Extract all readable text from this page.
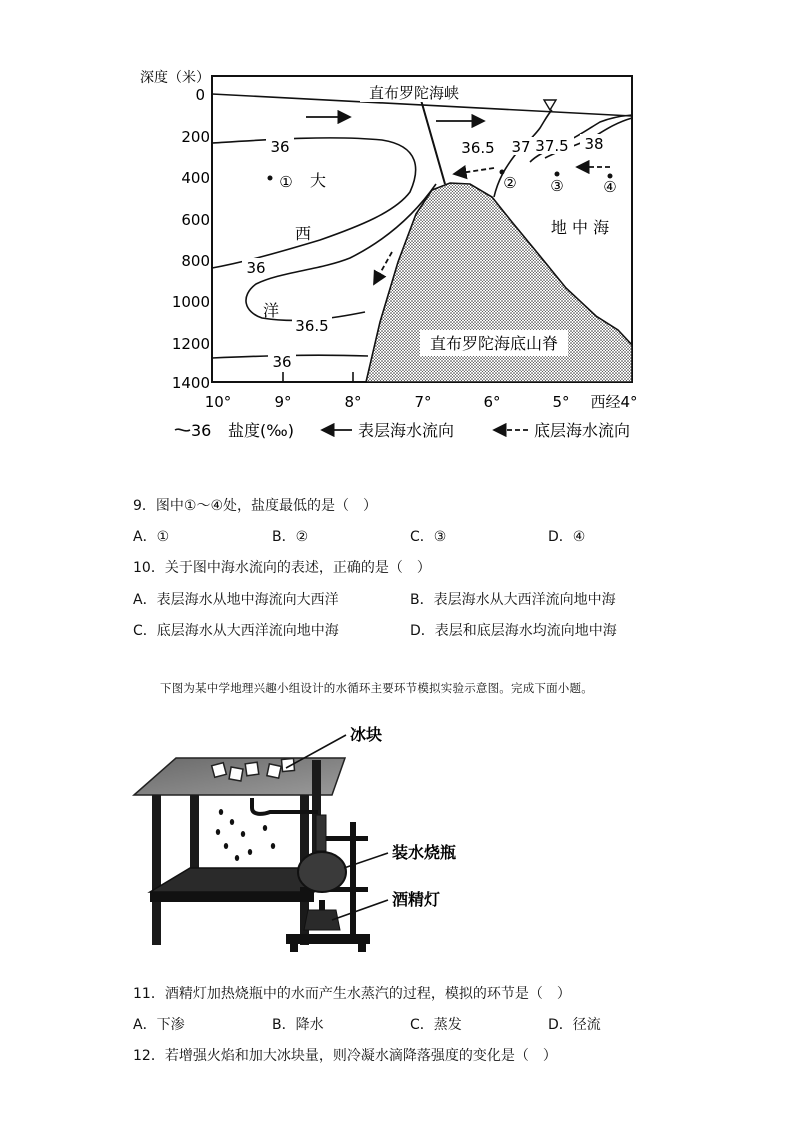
深度（米）
0
200
400
600
800
1000
1200
1400
10°	9°	8°	7°	6°	5° 西经4°
直布罗陀海底山脊
直布罗陀海峡
36
36
36.5
36
36.5 37 37.5 38
大
西
洋
地 中 海
①	② ③	④
36 盐度(‰)	表层海水流向	底层海水流向
9．图中①～④处，盐度最低的是（　）
A．①	B．②	C．③	D．④
10．关于图中海水流向的表述，正确的是（　）
A．表层海水从地中海流向大西洋	B．表层海水从大西洋流向地中海
C．底层海水从大西洋流向地中海	D．表层和底层海水均流向地中海
下图为某中学地理兴趣小组设计的水循环主要环节模拟实验示意图。完成下面小题。
冰块
装水烧瓶
酒精灯
11．酒精灯加热烧瓶中的水而产生水蒸汽的过程，模拟的环节是（　）
A．下渗	B．降水	C．蒸发	D．径流
12．若增强火焰和加大冰块量，则冷凝水滴降落强度的变化是（　）
